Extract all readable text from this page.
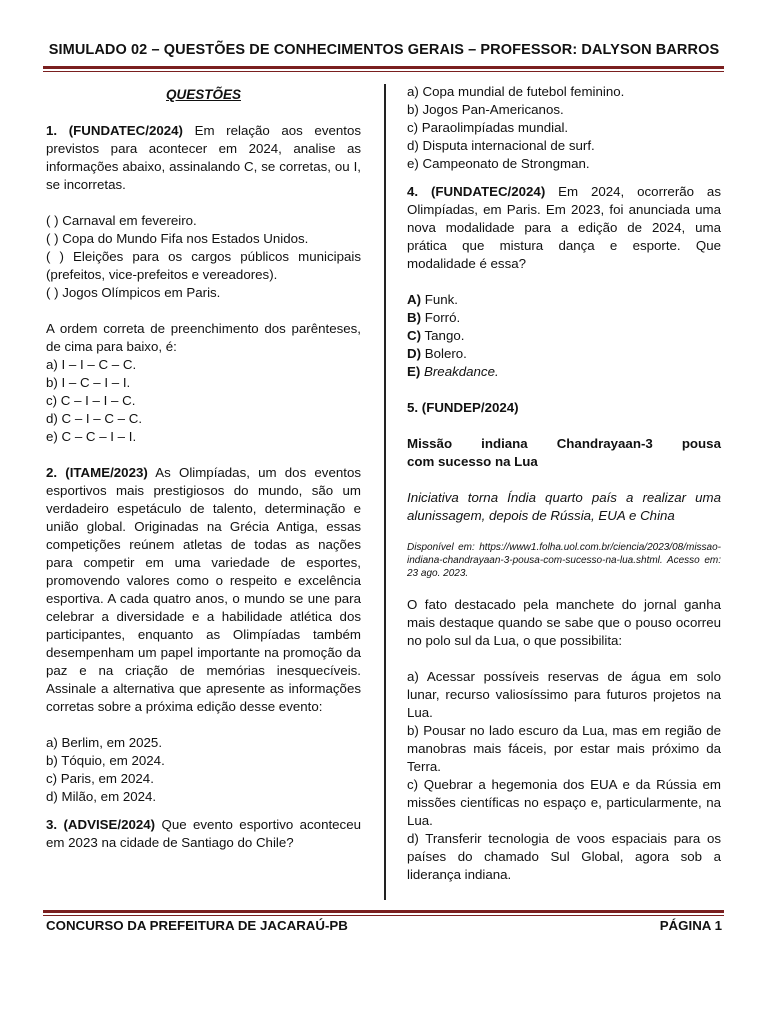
SIMULADO 02 – QUESTÕES DE CONHECIMENTOS GERAIS – PROFESSOR: DALYSON BARROS
QUESTÕES
1. (FUNDATEC/2024) Em relação aos eventos previstos para acontecer em 2024, analise as informações abaixo, assinalando C, se corretas, ou I, se incorretas.
( ) Carnaval em fevereiro.
( ) Copa do Mundo Fifa nos Estados Unidos.
( ) Eleições para os cargos públicos municipais (prefeitos, vice-prefeitos e vereadores).
( ) Jogos Olímpicos em Paris.
A ordem correta de preenchimento dos parênteses, de cima para baixo, é:
a) I – I – C – C.
b) I – C – I – I.
c) C – I – I – C.
d) C – I – C – C.
e) C – C – I – I.
2. (ITAME/2023) As Olimpíadas, um dos eventos esportivos mais prestigiosos do mundo, são um verdadeiro espetáculo de talento, determinação e união global. Originadas na Grécia Antiga, essas competições reúnem atletas de todas as nações para competir em uma variedade de esportes, promovendo valores como o respeito e excelência esportiva. A cada quatro anos, o mundo se une para celebrar a diversidade e a habilidade atlética dos participantes, enquanto as Olimpíadas também desempenham um papel importante na promoção da paz e na criação de memórias inesquecíveis. Assinale a alternativa que apresente as informações corretas sobre a próxima edição desse evento:
a) Berlim, em 2025.
b) Tóquio, em 2024.
c) Paris, em 2024.
d) Milão, em 2024.
3. (ADVISE/2024) Que evento esportivo aconteceu em 2023 na cidade de Santiago do Chile?
a) Copa mundial de futebol feminino.
b) Jogos Pan-Americanos.
c) Paraolimpíadas mundial.
d) Disputa internacional de surf.
e) Campeonato de Strongman.
4. (FUNDATEC/2024) Em 2024, ocorrerão as Olimpíadas, em Paris. Em 2023, foi anunciada uma nova modalidade para a edição de 2024, uma prática que mistura dança e esporte. Que modalidade é essa?
A) Funk.
B) Forró.
C) Tango.
D) Bolero.
E) Breakdance.
5. (FUNDEP/2024)
Missão indiana Chandrayaan-3 pousa
com sucesso na Lua
Iniciativa torna Índia quarto país a realizar uma alunissagem, depois de Rússia, EUA e China
Disponível em: https://www1.folha.uol.com.br/ciencia/2023/08/missao-indiana-chandrayaan-3-pousa-com-sucesso-na-lua.shtml. Acesso em: 23 ago. 2023.
O fato destacado pela manchete do jornal ganha mais destaque quando se sabe que o pouso ocorreu no polo sul da Lua, o que possibilita:
a) Acessar possíveis reservas de água em solo lunar, recurso valiosíssimo para futuros projetos na Lua.
b) Pousar no lado escuro da Lua, mas em região de manobras mais fáceis, por estar mais próximo da Terra.
c) Quebrar a hegemonia dos EUA e da Rússia em missões científicas no espaço e, particularmente, na Lua.
d) Transferir tecnologia de voos espaciais para os países do chamado Sul Global, agora sob a liderança indiana.
CONCURSO DA PREFEITURA DE JACARAÚ-PB	PÁGINA 1
